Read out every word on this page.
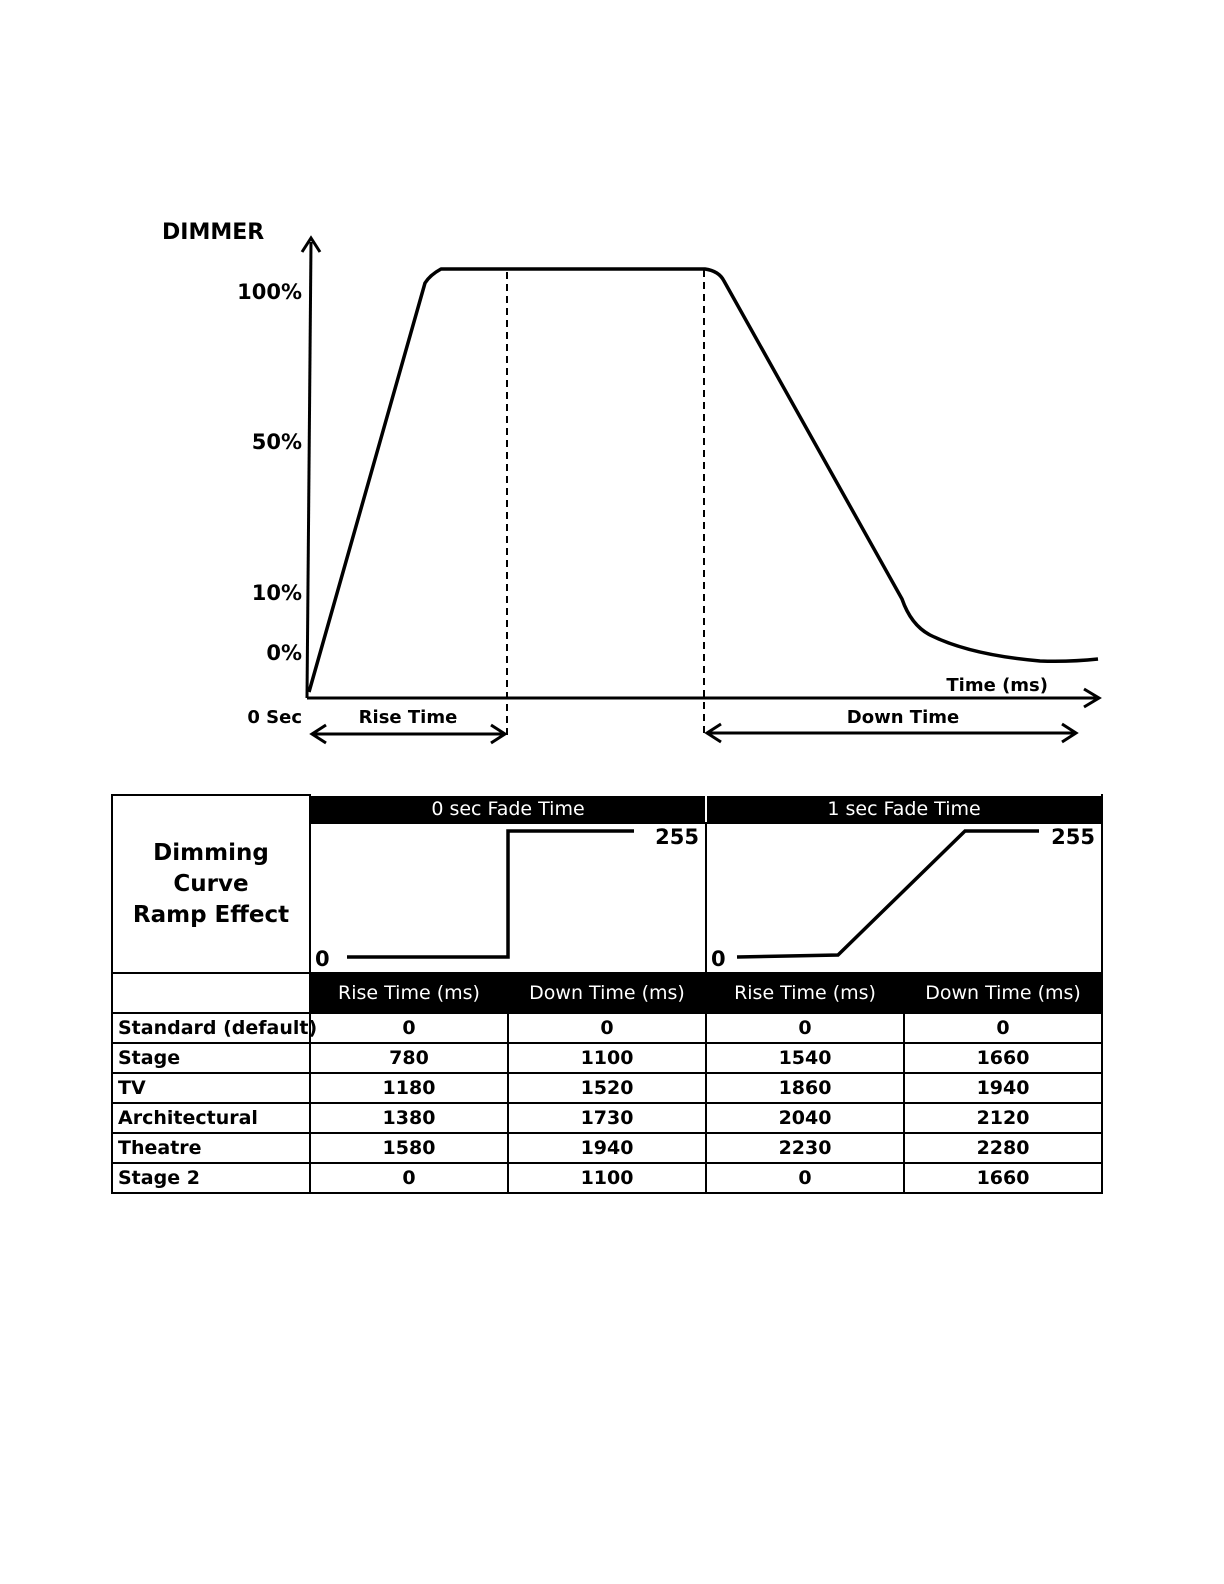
DIMMER
100%
50%
10%
0%
Time (ms)
0 Sec	Rise Time	Down Time
Dimming Curve
Ramp Effect	0 sec Fade Time		1 sec Fade Time	

0
255		0
255	

	Rise Time (ms)	Down Time (ms)	Rise Time (ms)	Down Time (ms)
Standard (default)	0	0	0	0
Stage	780	1100	1540	1660
TV	1180	1520	1860	1940
Architectural	1380	1730	2040	2120
Theatre	1580	1940	2230	2280
Stage 2	0	1100	0	1660
